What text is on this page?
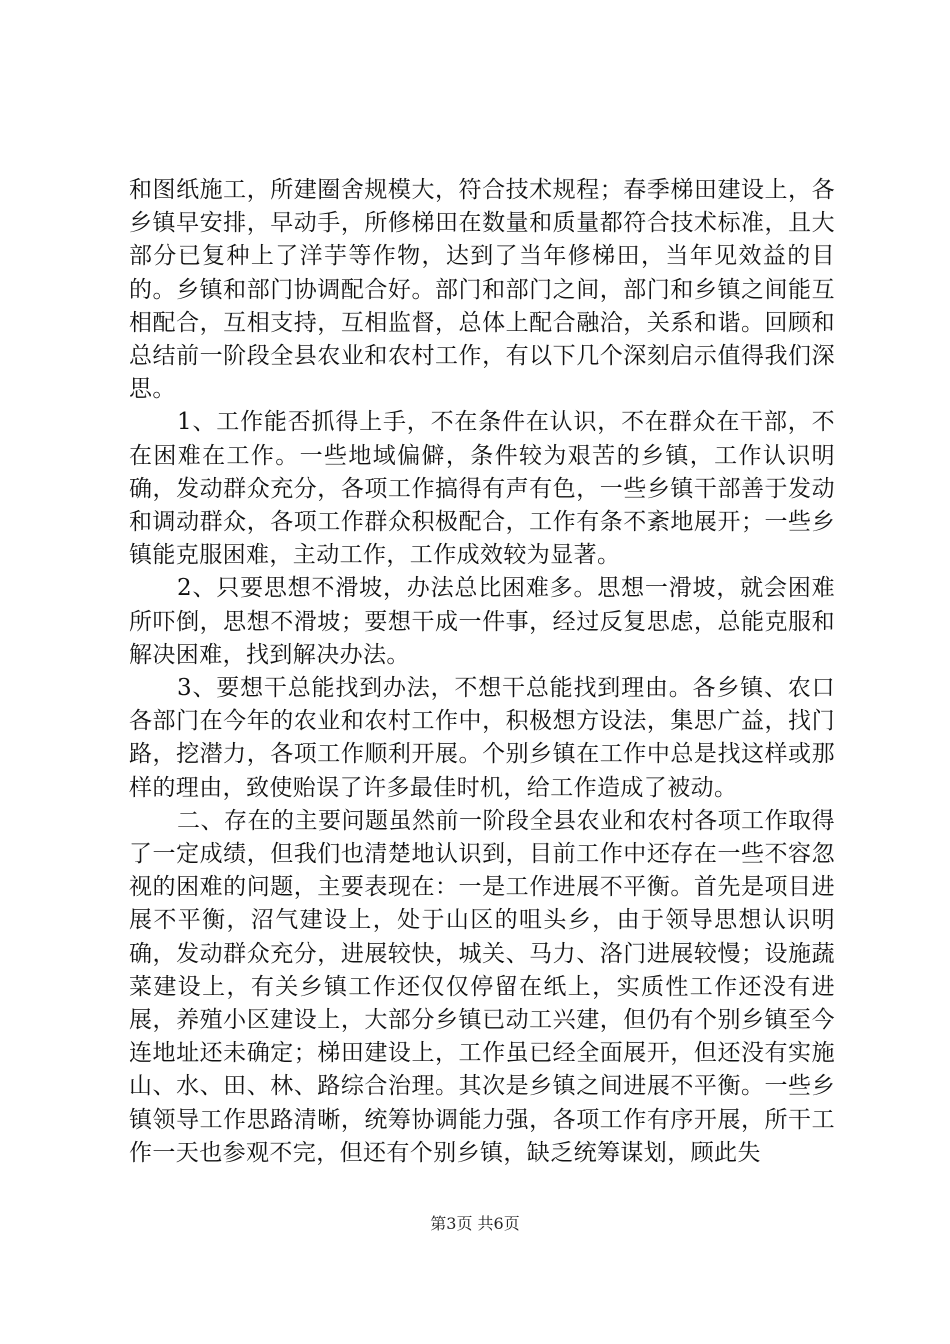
和图纸施工，所建圈舍规模大，符合技术规程；春季梯田建设上，各乡镇早安排，早动手，所修梯田在数量和质量都符合技术标准，且大部分已复种上了洋芋等作物，达到了当年修梯田，当年见效益的目的。乡镇和部门协调配合好。部门和部门之间，部门和乡镇之间能互相配合，互相支持，互相监督，总体上配合融洽，关系和谐。回顾和总结前一阶段全县农业和农村工作，有以下几个深刻启示值得我们深思。

1、工作能否抓得上手，不在条件在认识，不在群众在干部，不在困难在工作。一些地域偏僻，条件较为艰苦的乡镇，工作认识明确，发动群众充分，各项工作搞得有声有色，一些乡镇干部善于发动和调动群众，各项工作群众积极配合，工作有条不紊地展开；一些乡镇能克服困难，主动工作，工作成效较为显著。

2、只要思想不滑坡，办法总比困难多。思想一滑坡，就会困难所吓倒，思想不滑坡；要想干成一件事，经过反复思虑，总能克服和解决困难，找到解决办法。

3、要想干总能找到办法，不想干总能找到理由。各乡镇、农口各部门在今年的农业和农村工作中，积极想方设法，集思广益，找门路，挖潜力，各项工作顺利开展。个别乡镇在工作中总是找这样或那样的理由，致使贻误了许多最佳时机，给工作造成了被动。

二、存在的主要问题虽然前一阶段全县农业和农村各项工作取得了一定成绩，但我们也清楚地认识到，目前工作中还存在一些不容忽视的困难的问题，主要表现在：一是工作进展不平衡。首先是项目进展不平衡，沼气建设上，处于山区的咀头乡，由于领导思想认识明确，发动群众充分，进展较快，城关、马力、洛门进展较慢；设施蔬菜建设上，有关乡镇工作还仅仅停留在纸上，实质性工作还没有进展，养殖小区建设上，大部分乡镇已动工兴建，但仍有个别乡镇至今连地址还未确定；梯田建设上，工作虽已经全面展开，但还没有实施山、水、田、林、路综合治理。其次是乡镇之间进展不平衡。一些乡镇领导工作思路清晰，统筹协调能力强，各项工作有序开展，所干工作一天也参观不完，但还有个别乡镇，缺乏统筹谋划，顾此失

第3页 共6页
